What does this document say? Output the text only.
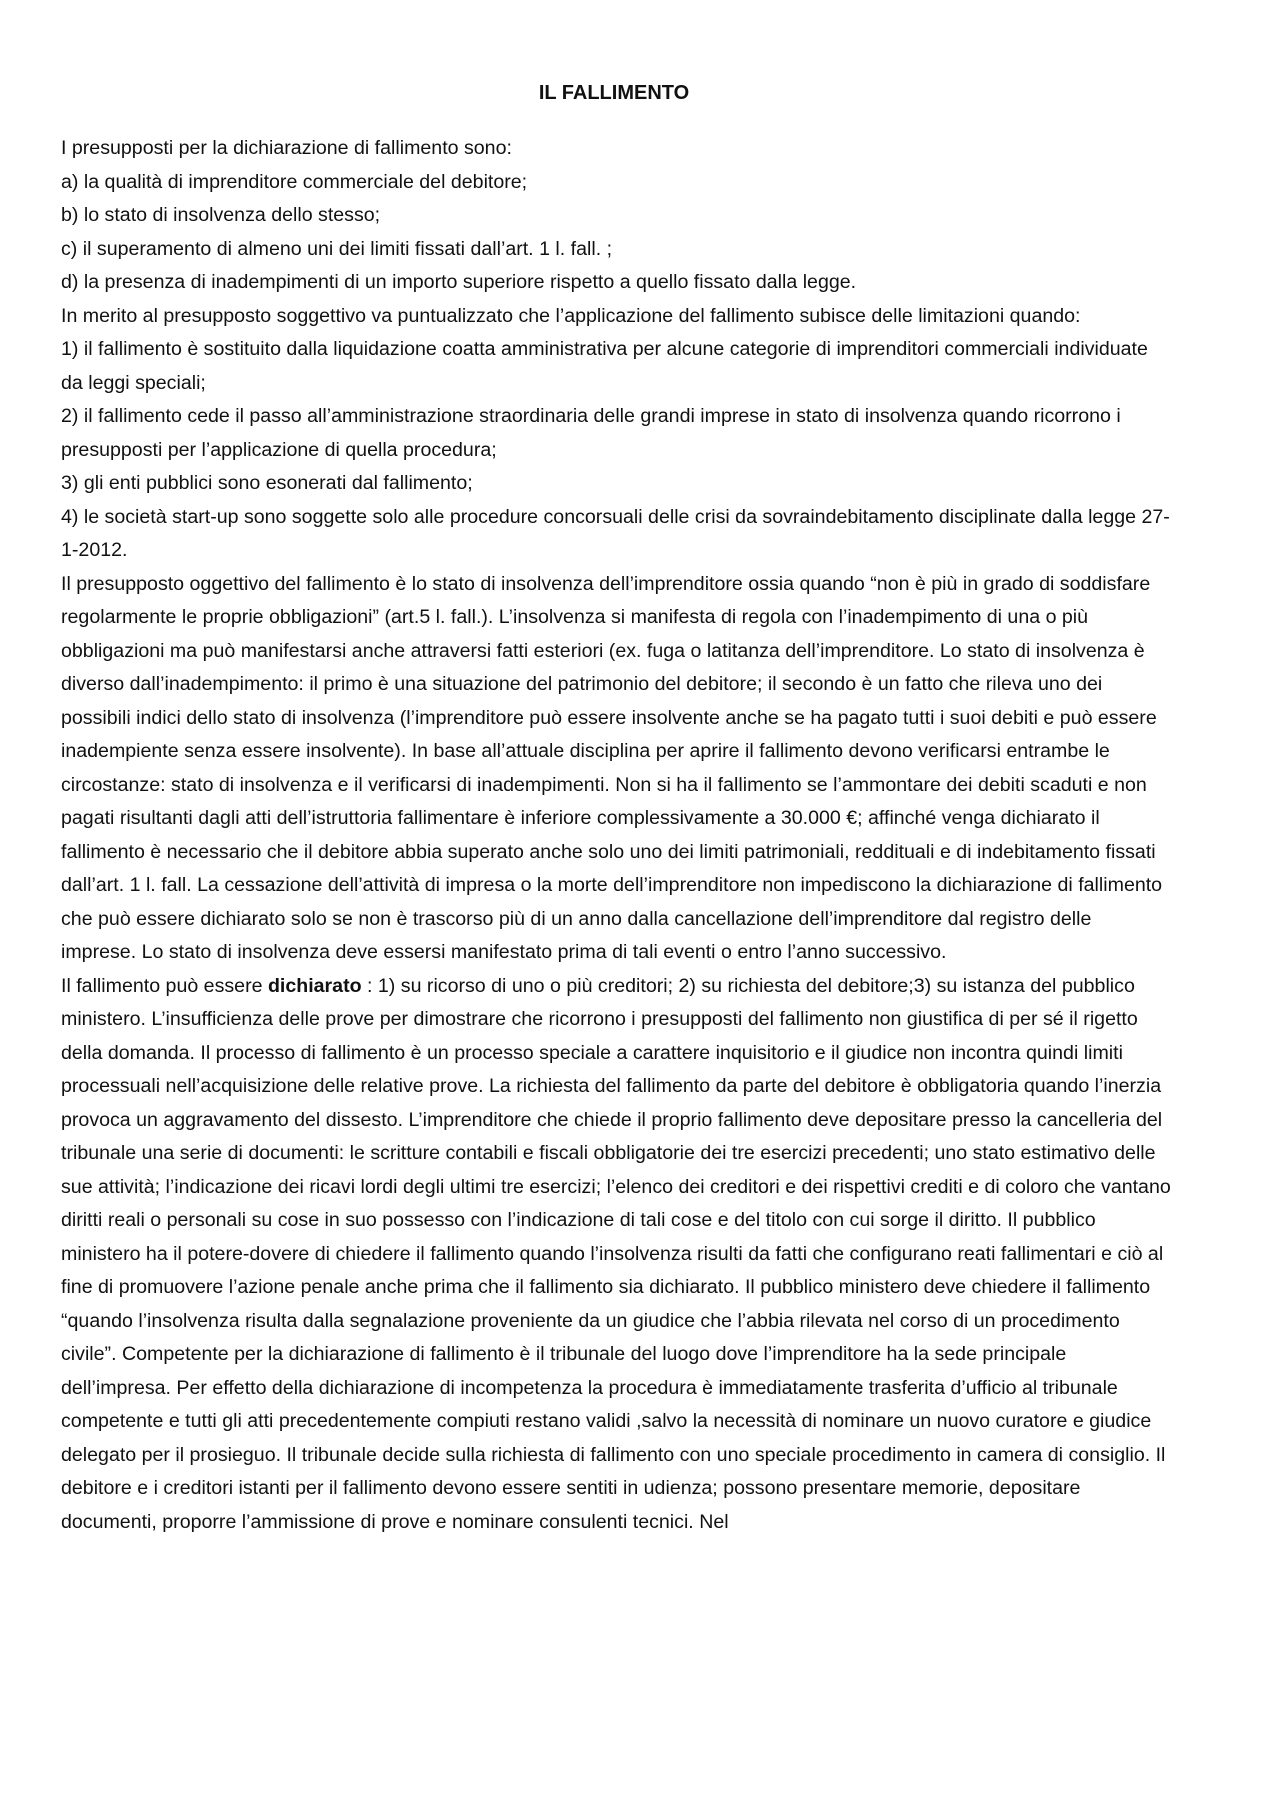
IL FALLIMENTO

I presupposti per la dichiarazione di fallimento sono:

a) la qualità di imprenditore commerciale del debitore;

b) lo stato di insolvenza dello stesso;

c) il superamento di almeno uni dei limiti fissati dall’art. 1 l. fall. ;

d) la presenza di inadempimenti di un importo superiore rispetto a quello fissato dalla legge.

In merito al presupposto soggettivo va puntualizzato che l’applicazione del fallimento subisce delle limitazioni quando:

1) il fallimento è sostituito dalla liquidazione coatta amministrativa per alcune categorie di imprenditori commerciali individuate da leggi speciali;

2) il fallimento cede il passo all’amministrazione straordinaria delle grandi imprese in stato di insolvenza quando ricorrono i presupposti per l’applicazione di quella procedura;

3) gli enti pubblici sono esonerati dal fallimento;

4) le società start-up sono soggette solo alle procedure concorsuali delle crisi da sovraindebitamento disciplinate dalla legge 27-1-2012.

Il presupposto oggettivo del fallimento è lo stato di insolvenza dell’imprenditore ossia quando “non è più in grado di soddisfare regolarmente le proprie obbligazioni” (art.5 l. fall.). L’insolvenza si manifesta di regola con l’inadempimento di una o più obbligazioni ma può manifestarsi anche attraversi fatti esteriori (ex. fuga o latitanza dell’imprenditore. Lo stato di insolvenza è diverso dall’inadempimento: il primo è una situazione del patrimonio del debitore; il secondo è un fatto che rileva uno dei possibili indici dello stato di insolvenza (l’imprenditore può essere insolvente anche se ha pagato tutti i suoi debiti e può essere inadempiente senza essere insolvente). In base all’attuale disciplina per aprire il fallimento devono verificarsi entrambe le circostanze: stato di insolvenza e il verificarsi di inadempimenti. Non si ha il fallimento se l’ammontare dei debiti scaduti e non pagati risultanti dagli atti dell’istruttoria fallimentare è inferiore complessivamente a 30.000 €; affinché venga dichiarato il fallimento è necessario che il debitore abbia superato anche solo uno dei limiti patrimoniali, reddituali e di indebitamento fissati dall’art. 1 l. fall. La cessazione dell’attività di impresa o la morte dell’imprenditore non impediscono la dichiarazione di fallimento che può essere dichiarato solo se non è trascorso più di un anno dalla cancellazione dell’imprenditore dal registro delle imprese. Lo stato di insolvenza deve essersi manifestato prima di tali eventi o entro l’anno successivo.

Il fallimento può essere dichiarato : 1) su ricorso di uno o più creditori; 2) su richiesta del debitore;3) su istanza del pubblico ministero. L’insufficienza delle prove per dimostrare che ricorrono i presupposti del fallimento non giustifica di per sé il rigetto della domanda. Il processo di fallimento è un processo speciale a carattere inquisitorio e il giudice non incontra quindi limiti processuali nell’acquisizione delle relative prove. La richiesta del fallimento da parte del debitore è obbligatoria quando l’inerzia provoca un aggravamento del dissesto. L’imprenditore che chiede il proprio fallimento deve depositare presso la cancelleria del tribunale una serie di documenti: le scritture contabili e fiscali obbligatorie dei tre esercizi precedenti; uno stato estimativo delle sue attività; l’indicazione dei ricavi lordi degli ultimi tre esercizi; l’elenco dei creditori e dei rispettivi crediti e di coloro che vantano diritti reali o personali su cose in suo possesso con l’indicazione di tali cose e del titolo con cui sorge il diritto. Il pubblico ministero ha il potere-dovere di chiedere il fallimento quando l’insolvenza risulti da fatti che configurano reati fallimentari e ciò al fine di promuovere l’azione penale anche prima che il fallimento sia dichiarato. Il pubblico ministero deve chiedere il fallimento “quando l’insolvenza risulta dalla segnalazione proveniente da un giudice che l’abbia rilevata nel corso di un procedimento civile”. Competente per la dichiarazione di fallimento è il tribunale del luogo dove l’imprenditore ha la sede principale dell’impresa. Per effetto della dichiarazione di incompetenza la procedura è immediatamente trasferita d’ufficio al tribunale competente e tutti gli atti precedentemente compiuti restano validi ,salvo la necessità di nominare un nuovo curatore e giudice delegato per il prosieguo. Il tribunale decide sulla richiesta di fallimento con uno speciale procedimento in camera di consiglio. Il debitore e i creditori istanti per il fallimento devono essere sentiti in udienza; possono presentare memorie, depositare documenti, proporre l’ammissione di prove e nominare consulenti tecnici. Nel
